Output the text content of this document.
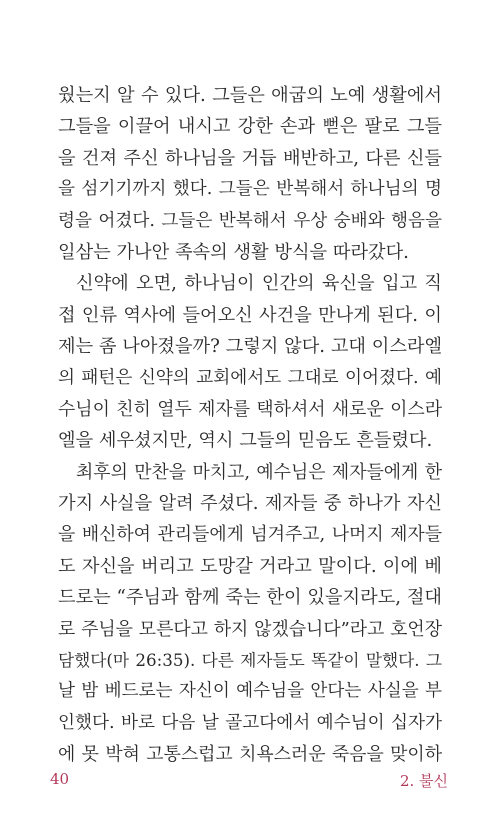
웠는지 알 수 있다. 그들은 애굽의 노예 생활에서
그들을 이끌어 내시고 강한 손과 뻗은 팔로 그들
을 건져 주신 하나님을 거듭 배반하고, 다른 신들
을 섬기기까지 했다. 그들은 반복해서 하나님의 명
령을 어겼다. 그들은 반복해서 우상 숭배와 행음을
일삼는 가나안 족속의 생활 방식을 따라갔다.
신약에 오면, 하나님이 인간의 육신을 입고 직
접 인류 역사에 들어오신 사건을 만나게 된다. 이
제는 좀 나아졌을까? 그렇지 않다. 고대 이스라엘
의 패턴은 신약의 교회에서도 그대로 이어졌다. 예
수님이 친히 열두 제자를 택하셔서 새로운 이스라
엘을 세우셨지만, 역시 그들의 믿음도 흔들렸다.
최후의 만찬을 마치고, 예수님은 제자들에게 한
가지 사실을 알려 주셨다. 제자들 중 하나가 자신
을 배신하여 관리들에게 넘겨주고, 나머지 제자들
도 자신을 버리고 도망갈 거라고 말이다. 이에 베
드로는 “주님과 함께 죽는 한이 있을지라도, 절대
로 주님을 모른다고 하지 않겠습니다”라고 호언장
담했다(마 26:35). 다른 제자들도 똑같이 말했다. 그
날 밤 베드로는 자신이 예수님을 안다는 사실을 부
인했다. 바로 다음 날 골고다에서 예수님이 십자가
에 못 박혀 고통스럽고 치욕스러운 죽음을 맞이하
40	2. 불신
